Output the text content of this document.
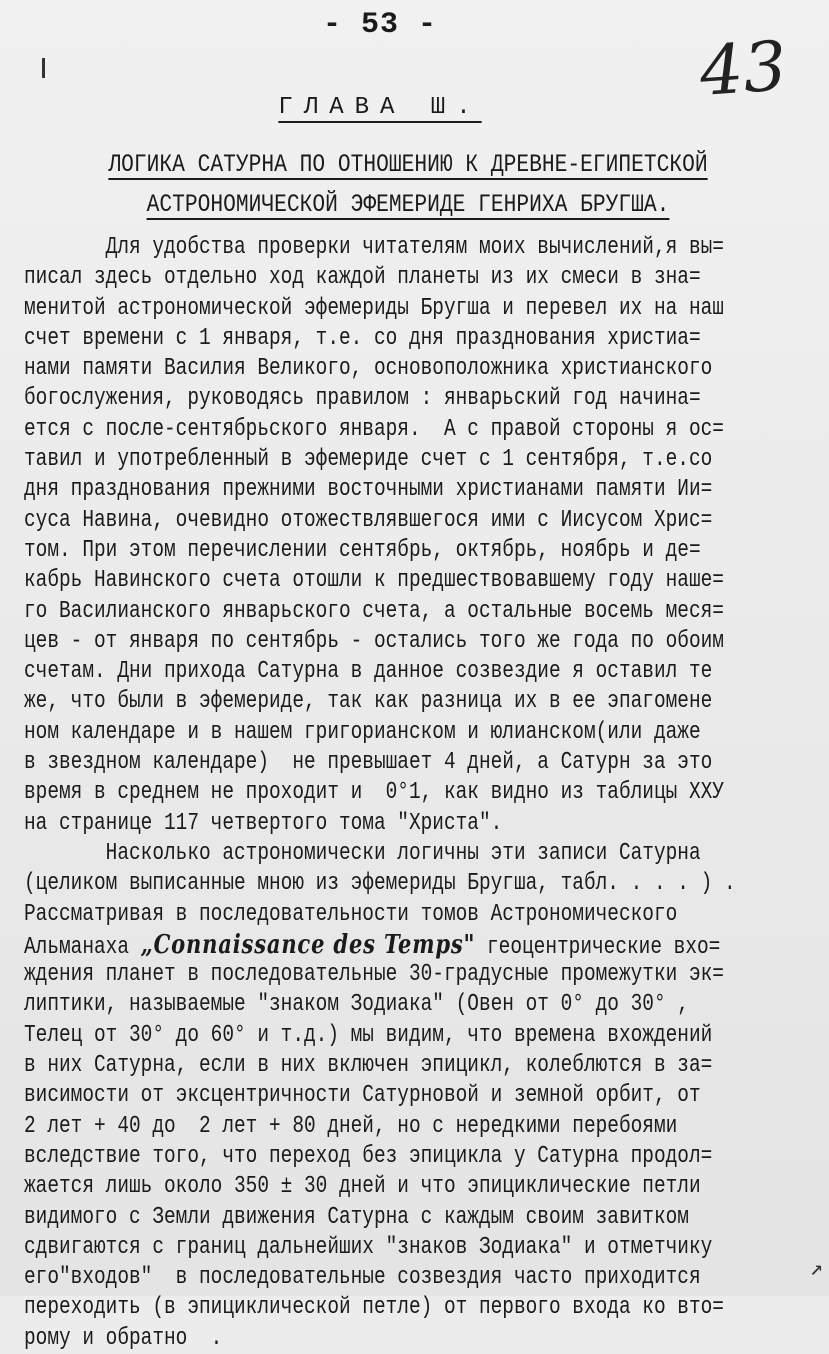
- 53 -
43
ГЛАВА Ш.
ЛОГИКА САТУРНА ПО ОТНОШЕНИЮ К ДРЕВНЕ-ЕГИПЕТСКОЙ
АСТРОНОМИЧЕСКОЙ ЭФЕМЕРИДЕ ГЕНРИХА БРУГША.
Для удобства проверки читателям моих вычислений,я вы=
писал здесь отдельно ход каждой планеты из их смеси в зна=
менитой астрономической эфемериды Бругша и перевел их на наш
счет времени с 1 января, т.е. со дня празднования христиа=
нами памяти Василия Великого, основоположника христианского
богослужения, руководясь правилом : январьский год начина=
ется с после-сентябрьского января.  А с правой стороны я ос=
тавил и употребленный в эфемериде счет с 1 сентября, т.е.со
дня празднования прежними восточными христианами памяти Ии=
суса Навина, очевидно отожествлявшегося ими с Иисусом Хрис=
том. При этом перечислении сентябрь, октябрь, ноябрь и де=
кабрь Навинского счета отошли к предшествовавшему году наше=
го Василианского январьского счета, а остальные восемь меся=
цев - от января по сентябрь - остались того же года по обоим
счетам. Дни прихода Сатурна в данное созвездие я оставил те
же, что были в эфемериде, так как разница их в ее эпагомене
ном календаре и в нашем григорианском и юлианском(или даже
в звездном календаре)  не превышает 4 дней, а Сатурн за это
время в среднем не проходит и  0°1, как видно из таблицы XXУ
на странице 117 четвертого тома "Христа".
Насколько астрономически логичны эти записи Сатурна
(целиком выписанные мною из эфемериды Бругша, табл. . . . ) .
Рассматривая в последовательности томов Астрономического
Альманаха „Connaissance des Temps" геоцентрические вхо=
ждения планет в последовательные 30-градусные промежутки эк=
липтики, называемые "знаком Зодиака" (Овен от 0° до 30° ,
Телец от 30° до 60° и т.д.) мы видим, что времена вхождений
в них Сатурна, если в них включен эпицикл, колеблются в за=
висимости от эксцентричности Сатурновой и земной орбит, от
2 лет + 40 до  2 лет + 80 дней, но с нередкими перебоями
вследствие того, что переход без эпицикла у Сатурна продол=
жается лишь около 350 ± 30 дней и что эпициклические петли
видимого с Земли движения Сатурна с каждым своим завитком
сдвигаются с границ дальнейших "знаков Зодиака" и отметчику
его"входов"  в последовательные созвездия часто приходится
переходить (в эпициклической петле) от первого входа ко вто=
рому и обратно  .
↗
